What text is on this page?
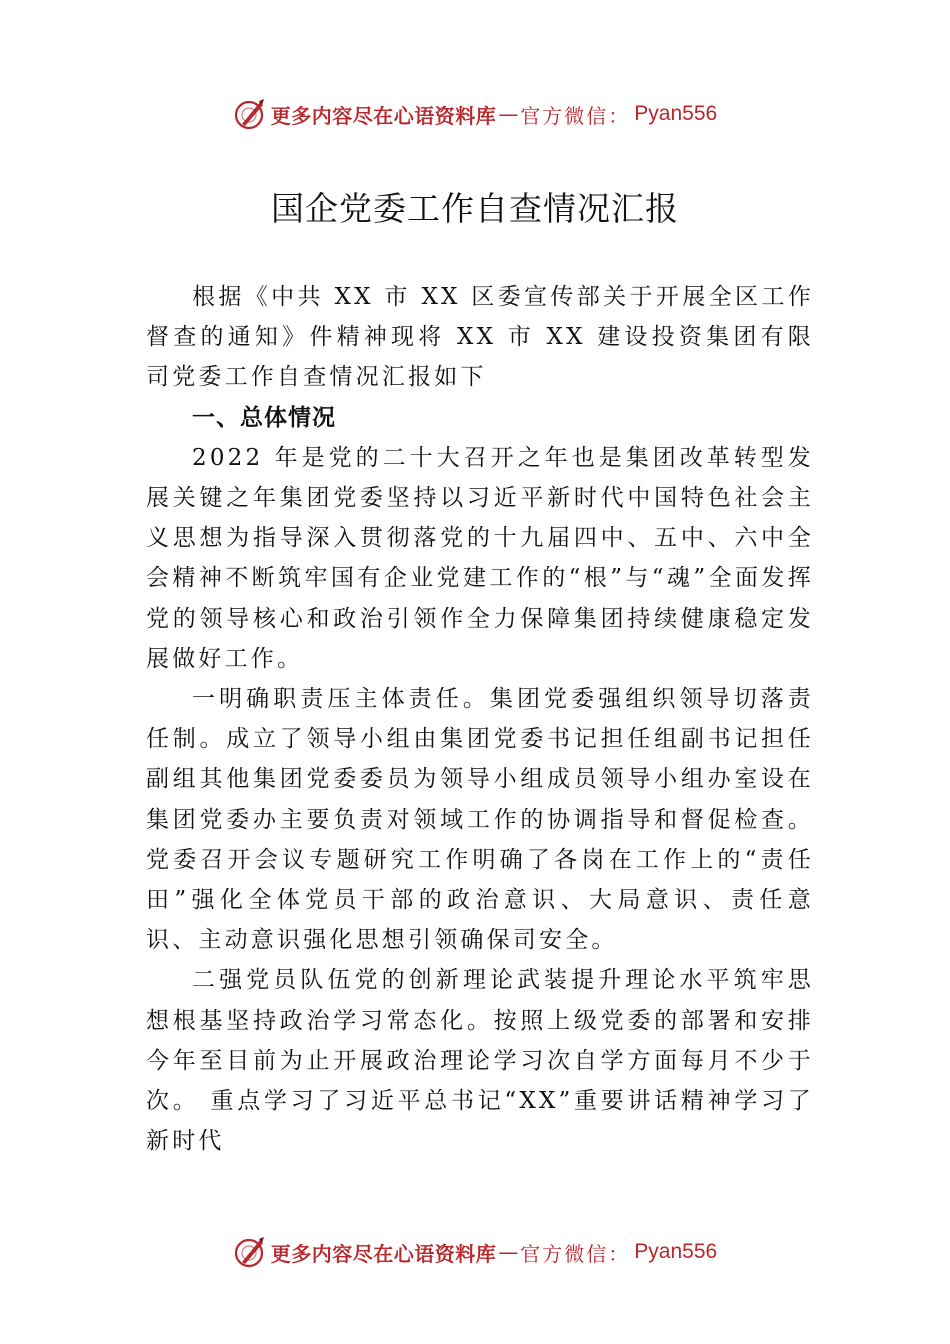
更多内容尽在心语资料库 — 官方微信： Pyan556
国企党委工作自查情况汇报

根据《中共 XX 市 XX 区委宣传部关于开展全区工作督查的通知》件精神现将 XX 市 XX 建设投资集团有限司党委工作自查情况汇报如下

一、总体情况

2022 年是党的二十大召开之年也是集团改革转型发展关键之年集团党委坚持以习近平新时代中国特色社会主义思想为指导深入贯彻落党的十九届四中、五中、六中全会精神不断筑牢国有企业党建工作的“根”与“魂”全面发挥党的领导核心和政治引领作全力保障集团持续健康稳定发展做好工作。

一明确职责压主体责任。集团党委强组织领导切落责任制。成立了领导小组由集团党委书记担任组副书记担任副组其他集团党委委员为领导小组成员领导小组办室设在集团党委办主要负责对领域工作的协调指导和督促检查。党委召开会议专题研究工作明确了各岗在工作上的“责任田”强化全体党员干部的政治意识、大局意识、责任意识、主动意识强化思想引领确保司安全。

二强党员队伍党的创新理论武装提升理论水平筑牢思想根基坚持政治学习常态化。按照上级党委的部署和安排今年至目前为止开展政治理论学习次自学方面每月不少于次。 重点学习了习近平总书记“XX”重要讲话精神学习了新时代

更多内容尽在心语资料库 — 官方微信： Pyan556
